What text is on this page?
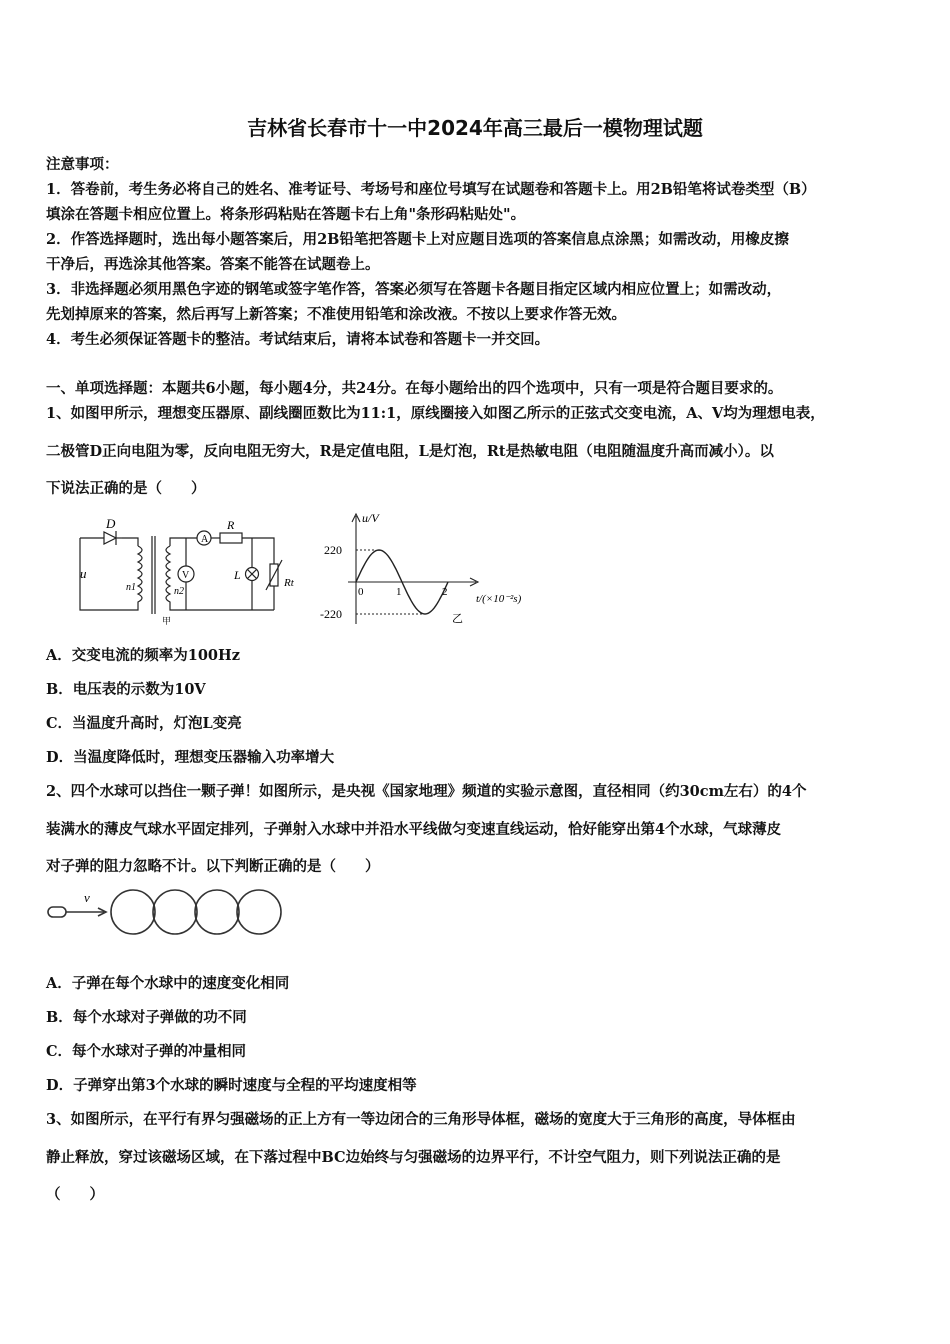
吉林省长春市十一中2024年高三最后一模物理试题
注意事项：
1．答卷前，考生务必将自己的姓名、准考证号、考场号和座位号填写在试题卷和答题卡上。用2B铅笔将试卷类型（B）
填涂在答题卡相应位置上。将条形码粘贴在答题卡右上角"条形码粘贴处"。
2．作答选择题时，选出每小题答案后，用2B铅笔把答题卡上对应题目选项的答案信息点涂黑；如需改动，用橡皮擦
干净后，再选涂其他答案。答案不能答在试题卷上。
3．非选择题必须用黑色字迹的钢笔或签字笔作答，答案必须写在答题卡各题目指定区域内相应位置上；如需改动，
先划掉原来的答案，然后再写上新答案；不准使用铅笔和涂改液。不按以上要求作答无效。
4．考生必须保证答题卡的整洁。考试结束后，请将本试卷和答题卡一并交回。
一、单项选择题：本题共6小题，每小题4分，共24分。在每小题给出的四个选项中，只有一项是符合题目要求的。
1、如图甲所示，理想变压器原、副线圈匝数比为11:1，原线圈接入如图乙所示的正弦式交变电流，A、V均为理想电表，
二极管D正向电阻为零，反向电阻无穷大，R是定值电阻，L是灯泡，Rt是热敏电阻（电阻随温度升高而减小）。以
下说法正确的是（　　）
D
u
n1	n2
A
V
R
L
Rt
甲
u/V
220
-220
0	1	2
t/(×10⁻²s)
乙
A．交变电流的频率为100Hz
B．电压表的示数为10V
C．当温度升高时，灯泡L变亮
D．当温度降低时，理想变压器输入功率增大
2、四个水球可以挡住一颗子弹！如图所示，是央视《国家地理》频道的实验示意图，直径相同（约30cm左右）的4个
装满水的薄皮气球水平固定排列，子弹射入水球中并沿水平线做匀变速直线运动，恰好能穿出第4个水球，气球薄皮
对子弹的阻力忽略不计。以下判断正确的是（　　）
v
A．子弹在每个水球中的速度变化相同
B．每个水球对子弹做的功不同
C．每个水球对子弹的冲量相同
D．子弹穿出第3个水球的瞬时速度与全程的平均速度相等
3、如图所示，在平行有界匀强磁场的正上方有一等边闭合的三角形导体框，磁场的宽度大于三角形的高度，导体框由
静止释放，穿过该磁场区域，在下落过程中BC边始终与匀强磁场的边界平行，不计空气阻力，则下列说法正确的是
（　　）
